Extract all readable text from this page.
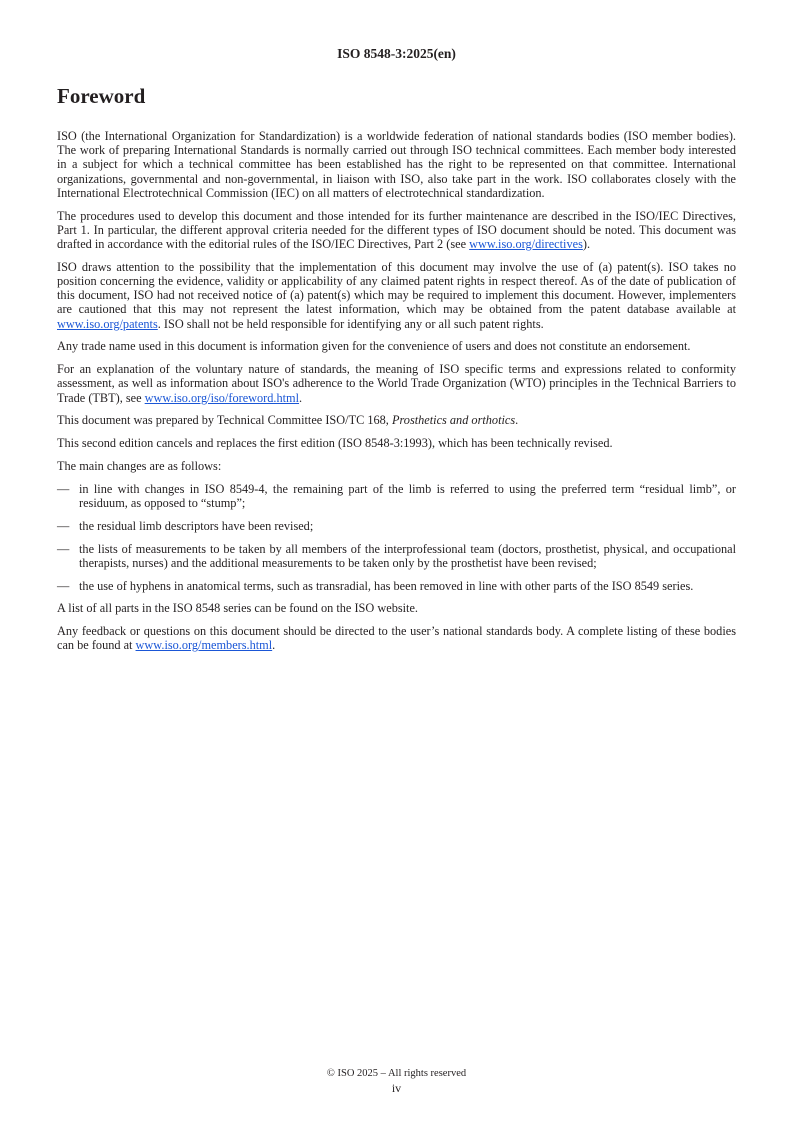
ISO 8548-3:2025(en)
Foreword

ISO (the International Organization for Standardization) is a worldwide federation of national standards bodies (ISO member bodies). The work of preparing International Standards is normally carried out through ISO technical committees. Each member body interested in a subject for which a technical committee has been established has the right to be represented on that committee. International organizations, governmental and non-governmental, in liaison with ISO, also take part in the work. ISO collaborates closely with the International Electrotechnical Commission (IEC) on all matters of electrotechnical standardization.

The procedures used to develop this document and those intended for its further maintenance are described in the ISO/IEC Directives, Part 1. In particular, the different approval criteria needed for the different types of ISO document should be noted. This document was drafted in accordance with the editorial rules of the ISO/IEC Directives, Part 2 (see www.iso.org/directives).

ISO draws attention to the possibility that the implementation of this document may involve the use of (a) patent(s). ISO takes no position concerning the evidence, validity or applicability of any claimed patent rights in respect thereof. As of the date of publication of this document, ISO had not received notice of (a) patent(s) which may be required to implement this document. However, implementers are cautioned that this may not represent the latest information, which may be obtained from the patent database available at www.iso.org/patents. ISO shall not be held responsible for identifying any or all such patent rights.

Any trade name used in this document is information given for the convenience of users and does not constitute an endorsement.

For an explanation of the voluntary nature of standards, the meaning of ISO specific terms and expressions related to conformity assessment, as well as information about ISO's adherence to the World Trade Organization (WTO) principles in the Technical Barriers to Trade (TBT), see www.iso.org/iso/foreword.html.

This document was prepared by Technical Committee ISO/TC 168, Prosthetics and orthotics.

This second edition cancels and replaces the first edition (ISO 8548-3:1993), which has been technically revised.

The main changes are as follows:

— in line with changes in ISO 8549-4, the remaining part of the limb is referred to using the preferred term “residual limb”, or residuum, as opposed to “stump”;
— the residual limb descriptors have been revised;
— the lists of measurements to be taken by all members of the interprofessional team (doctors, prosthetist, physical, and occupational therapists, nurses) and the additional measurements to be taken only by the prosthetist have been revised;
— the use of hyphens in anatomical terms, such as transradial, has been removed in line with other parts of the ISO 8549 series.

A list of all parts in the ISO 8548 series can be found on the ISO website.

Any feedback or questions on this document should be directed to the user’s national standards body. A complete listing of these bodies can be found at www.iso.org/members.html.

© ISO 2025 – All rights reserved
iv
